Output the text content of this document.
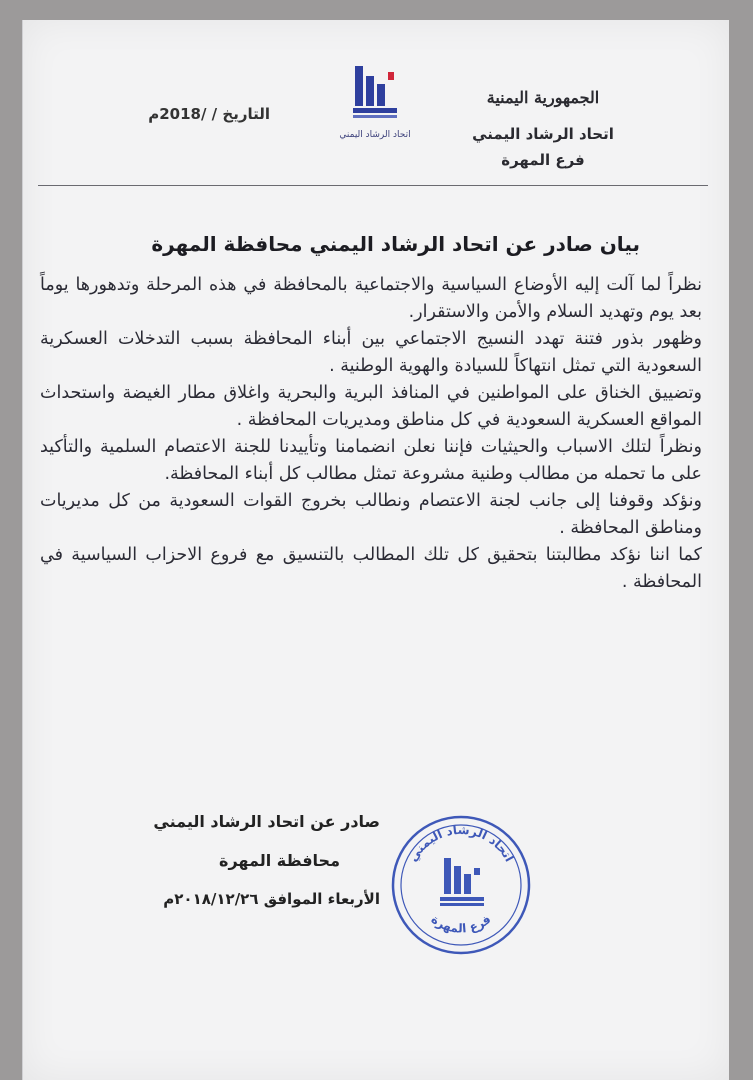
الجمهورية اليمنية
اتحاد الرشاد اليمني
فرع المهرة
اتحاد الرشاد اليمني
التاريخ / /2018م
بيان صادر عن اتحاد الرشاد اليمني محافظة المهرة

نظراً لما آلت إليه الأوضاع السياسية والاجتماعية بالمحافظة في هذه المرحلة وتدهورها يوماً بعد يوم وتهديد السلام والأمن والاستقرار.

وظهور بذور فتنة تهدد النسيج الاجتماعي بين أبناء المحافظة بسبب التدخلات العسكرية السعودية التي تمثل انتهاكاً للسيادة والهوية الوطنية .

وتضييق الخناق على المواطنين في المنافذ البرية والبحرية واغلاق مطار الغيضة واستحداث المواقع العسكرية السعودية في كل مناطق ومديريات المحافظة .

ونظراً لتلك الاسباب والحيثيات فإننا نعلن انضمامنا وتأييدنا للجنة الاعتصام السلمية والتأكيد على ما تحمله من مطالب وطنية مشروعة تمثل مطالب كل أبناء المحافظة.

ونؤكد وقوفنا إلى جانب لجنة الاعتصام ونطالب بخروج القوات السعودية من كل مديريات ومناطق المحافظة .

كما اننا نؤكد مطالبتنا بتحقيق كل تلك المطالب بالتنسيق مع فروع الاحزاب السياسية في المحافظة .

صادر عن اتحاد الرشاد اليمني
محافظة المهرة
الأربعاء الموافق ٢٠١٨/١٢/٢٦م
اتحاد الرشاد اليمني
فرع المهرة
